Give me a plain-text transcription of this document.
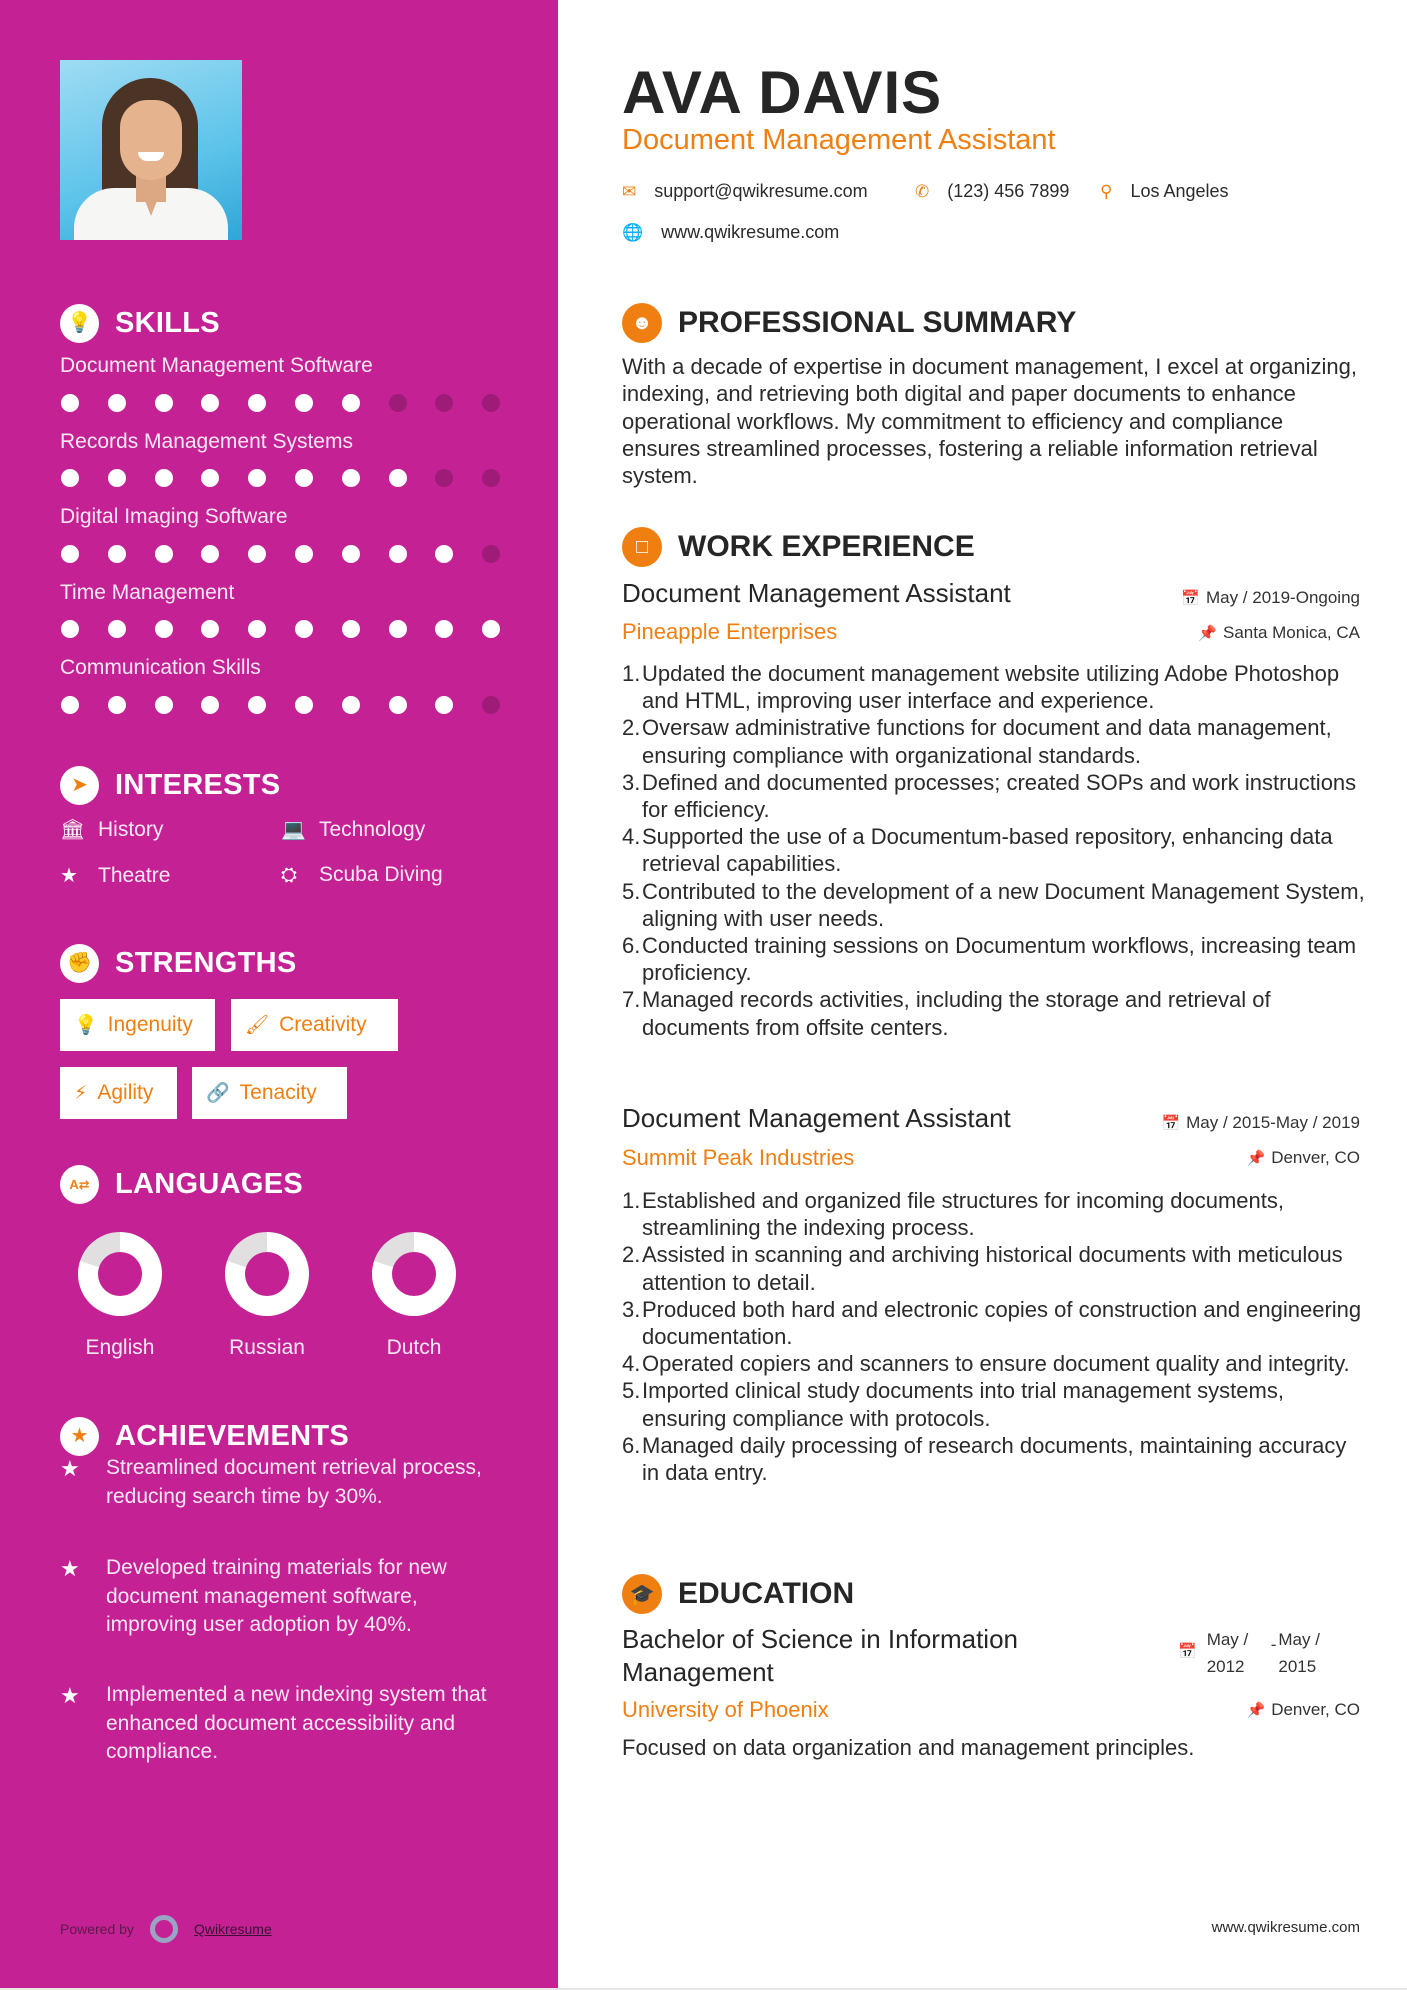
💡 SKILLS
Document Management Software
Records Management Systems
Digital Imaging Software
Time Management
Communication Skills
➤ INTERESTS
🏛 History	💻 Technology
★ Theatre	⛭	Scuba Diving
✊ STRENGTHS
💡 Ingenuity	🖌 Creativity
⚡ Agility	🔗 Tenacity
A⇄ LANGUAGES
English	Russian	Dutch
★ ACHIEVEMENTS
★	Streamlined document retrieval process, reducing search time by 30%.
★	Developed training materials for new document management software, improving user adoption by 40%.
★	Implemented a new indexing system that enhanced document accessibility and compliance.
Powered by	Qwikresume
AVA DAVIS
Document Management Assistant
✉ support@qwikresume.com	✆ (123) 456 7899 ⚲ Los Angeles
🌐 www.qwikresume.com
☻ PROFESSIONAL SUMMARY

With a decade of expertise in document management, I excel at organizing, indexing, and retrieving both digital and paper documents to enhance operational workflows. My commitment to efficiency and compliance ensures streamlined processes, fostering a reliable information retrieval system.

□ WORK EXPERIENCE
Document Management Assistant	📅 May / 2019-Ongoing
Pineapple Enterprises	📌 Santa Monica, CA
1. Updated the document management website utilizing Adobe Photoshop and HTML, improving user interface and experience.
2. Oversaw administrative functions for document and data management, ensuring compliance with organizational standards.
3. Defined and documented processes; created SOPs and work instructions for efficiency.
4. Supported the use of a Documentum-based repository, enhancing data retrieval capabilities.
5. Contributed to the development of a new Document Management System, aligning with user needs.
6. Conducted training sessions on Documentum workflows, increasing team proficiency.
7. Managed records activities, including the storage and retrieval of documents from offsite centers.
Document Management Assistant	📅 May / 2015-May / 2019
Summit Peak Industries	📌 Denver, CO
1. Established and organized file structures for incoming documents, streamlining the indexing process.
2. Assisted in scanning and archiving historical documents with meticulous attention to detail.
3. Produced both hard and electronic copies of construction and engineering documentation.
4. Operated copiers and scanners to ensure document quality and integrity.
5. Imported clinical study documents into trial management systems, ensuring compliance with protocols.
6. Managed daily processing of research documents, maintaining accuracy in data entry.
🎓 EDUCATION
Bachelor of Science in Information
Management
📅
May /
2012
- May /
2015
University of Phoenix	📌 Denver, CO

Focused on data organization and management principles.

www.qwikresume.com
